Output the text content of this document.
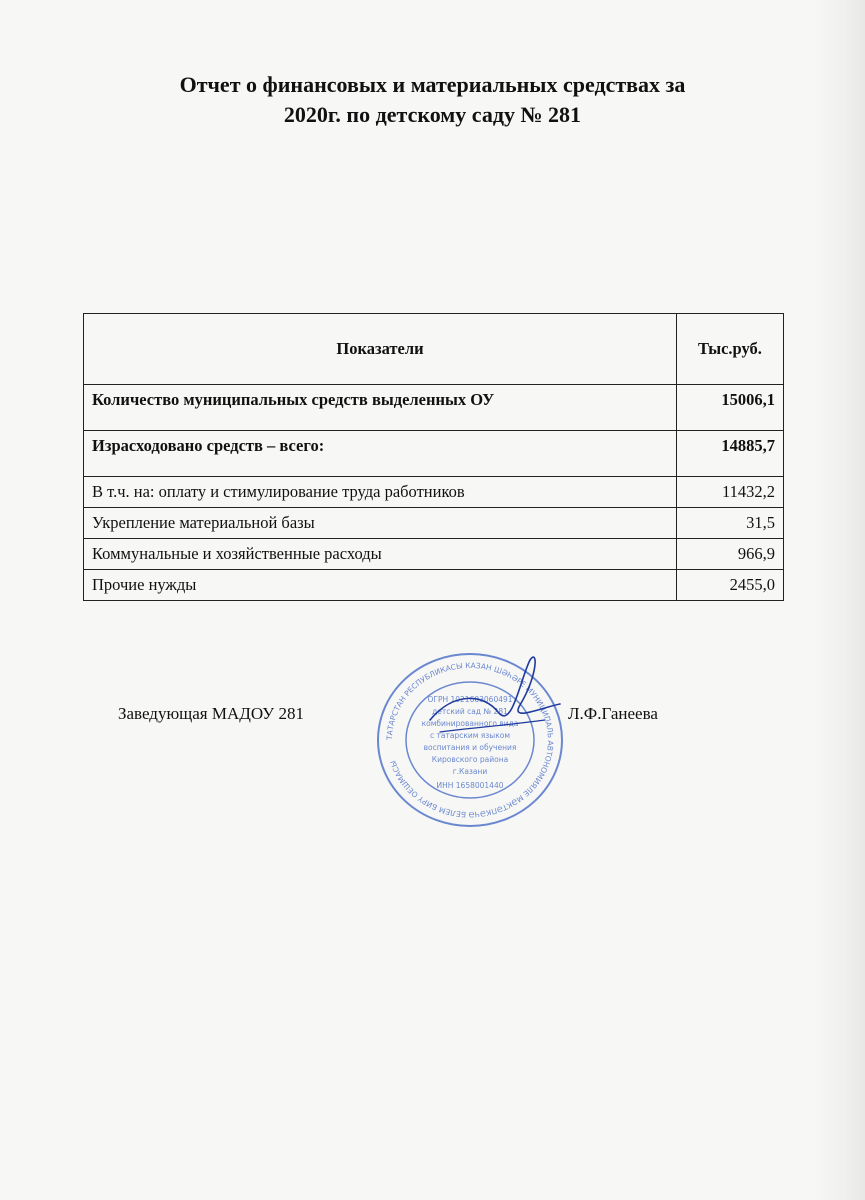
Отчет о финансовых и материальных средствах за
2020г. по детскому саду № 281
Показатели	Тыс.руб.
Количество муниципальных средств выделенных ОУ	15006,1
Израсходовано средств – всего:	14885,7
В т.ч. на: оплату и стимулирование труда работников	11432,2
Укрепление материальной базы	31,5
Коммунальные и хозяйственные расходы	966,9
Прочие нужды	2455,0
Заведующая МАДОУ 281	Л.Ф.Ганеева
ТАТАРСТАН РЕСПУБЛИКАСЫ КАЗАН ШӘҺӘРЕ МУНИЦИПАЛЬ АВТОНОМИЯЛЕ МӘКТӘПКӘЧӘ БЕЛЕМ БИРҮ ОЕШМАСЫ
ОГРН 1021603060491
детский сад № 281
комбинированного вида
с татарским языком
воспитания и обучения
Кировского района
г.Казани
ИНН 1658001440
